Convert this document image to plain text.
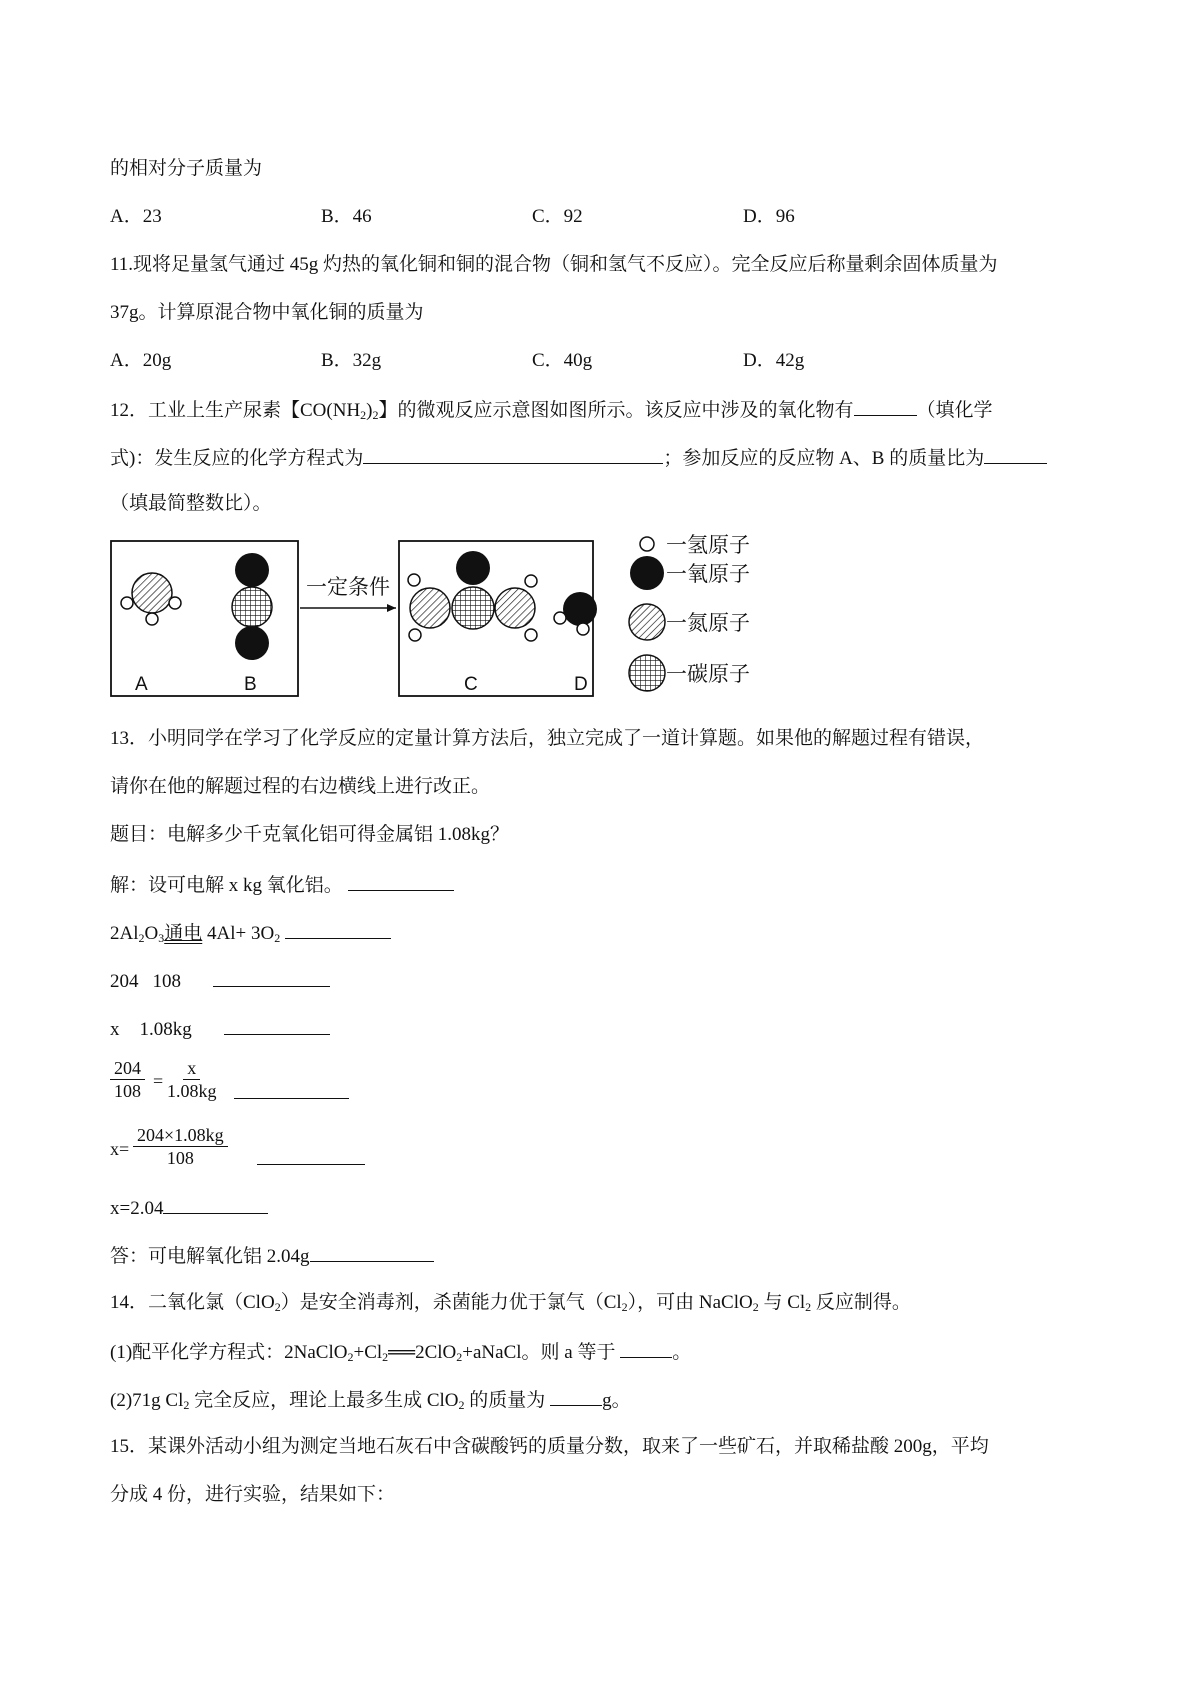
的相对分子质量为
A．23	B．46	C．92	D．96
11.现将足量氢气通过 45g 灼热的氧化铜和铜的混合物（铜和氢气不反应）。完全反应后称量剩余固体质量为
37g。计算原混合物中氧化铜的质量为
A．20g	B．32g	C．40g	D．42g
12．工业上生产尿素【$CO(NH_2)_2$】的微观反应示意图如图所示。该反应中涉及的氧化物有	（填化学
式)：发生反应的化学方程式为	；参加反应的反应物 A、B 的质量比为
（填最简整数比）。
A	B
一定条件
C	D
一氢原子
一氧原子
一氮原子
一碳原子
13．小明同学在学习了化学反应的定量计算方法后，独立完成了一道计算题。如果他的解题过程有错误，
请你在他的解题过程的右边横线上进行改正。
题目：电解多少千克氧化铝可得金属铝 1.08kg？
解：设可电解 x kg 氧化铝。
$2Al_2O_3$通电 $4Al+ 3O_2$
204 108
x 1.08kg
$\frac{204}{108} = \frac{x}{1.08kg}$
$x= \frac{204\times 1.08kg}{108}$
x=2.04
答：可电解氧化铝 2.04g
14．二氧化氯（ClO$_2$）是安全消毒剂，杀菌能力优于氯气$(Cl_2)$，可由 NaClO$_2$ 与 $Cl_2$ 反应制得。
(1)配平化学方程式：$2NaClO_2+Cl_2══2ClO_2+aNaCl$。则 a 等于	。
(2)71g $Cl_2$ 完全反应，理论上最多生成 ClO$_2$ 的质量为	g。
15．某课外活动小组为测定当地石灰石中含碳酸钙的质量分数，取来了一些矿石，并取稀盐酸 200g，平均
分成 4 份，进行实验，结果如下：
